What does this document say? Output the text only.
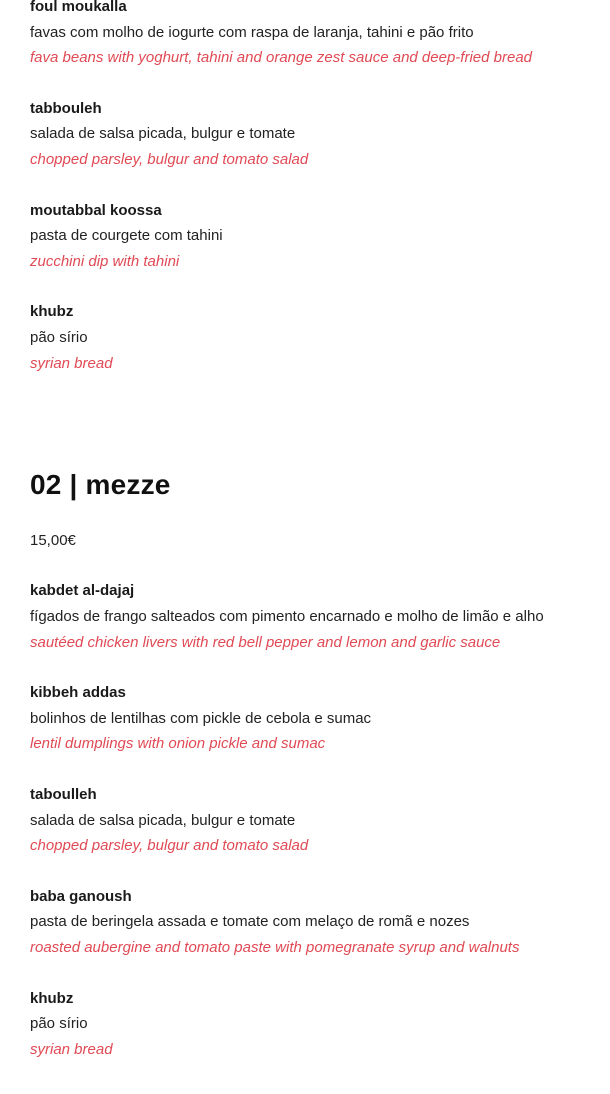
foul moukalla

favas com molho de iogurte com raspa de laranja, tahini e pão frito

fava beans with yoghurt, tahini and orange zest sauce and deep-fried bread

tabbouleh

salada de salsa picada, bulgur e tomate

chopped parsley, bulgur and tomato salad

moutabbal koossa

pasta de courgete com tahini

zucchini dip with tahini

khubz

pão sírio

syrian bread

02 | mezze

15,00€

kabdet al-dajaj

fígados de frango salteados com pimento encarnado e molho de limão e alho

sautéed chicken livers with red bell pepper and lemon and garlic sauce

kibbeh addas

bolinhos de lentilhas com pickle de cebola e sumac

lentil dumplings with onion pickle and sumac

taboulleh

salada de salsa picada, bulgur e tomate

chopped parsley, bulgur and tomato salad

baba ganoush

pasta de beringela assada e tomate com melaço de romã e nozes

roasted aubergine and tomato paste with pomegranate syrup and walnuts

khubz

pão sírio

syrian bread
